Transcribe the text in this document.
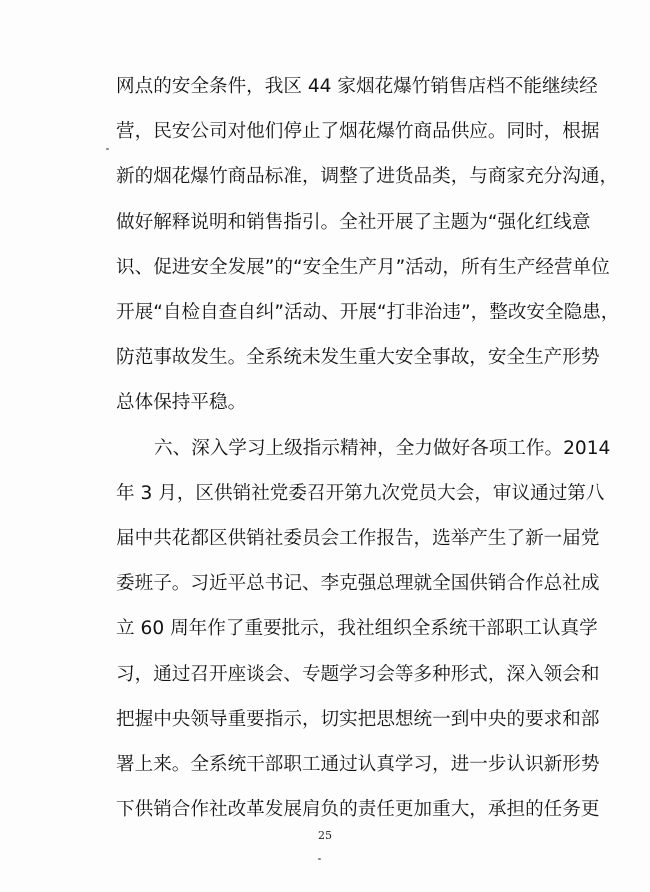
网点的安全条件，我区 44 家烟花爆竹销售店档不能继续经
营，民安公司对他们停止了烟花爆竹商品供应。同时，根据
新的烟花爆竹商品标准，调整了进货品类，与商家充分沟通，
做好解释说明和销售指引。全社开展了主题为“强化红线意
识、促进安全发展”的“安全生产月”活动，所有生产经营单位
开展“自检自查自纠”活动、开展“打非治违”，整改安全隐患，
防范事故发生。全系统未发生重大安全事故，安全生产形势
总体保持平稳。
六、深入学习上级指示精神，全力做好各项工作。2014
年 3 月，区供销社党委召开第九次党员大会，审议通过第八
届中共花都区供销社委员会工作报告，选举产生了新一届党
委班子。习近平总书记、李克强总理就全国供销合作总社成
立 60 周年作了重要批示，我社组织全系统干部职工认真学
习，通过召开座谈会、专题学习会等多种形式，深入领会和
把握中央领导重要指示，切实把思想统一到中央的要求和部
署上来。全系统干部职工通过认真学习，进一步认识新形势
下供销合作社改革发展肩负的责任更加重大，承担的任务更
25
